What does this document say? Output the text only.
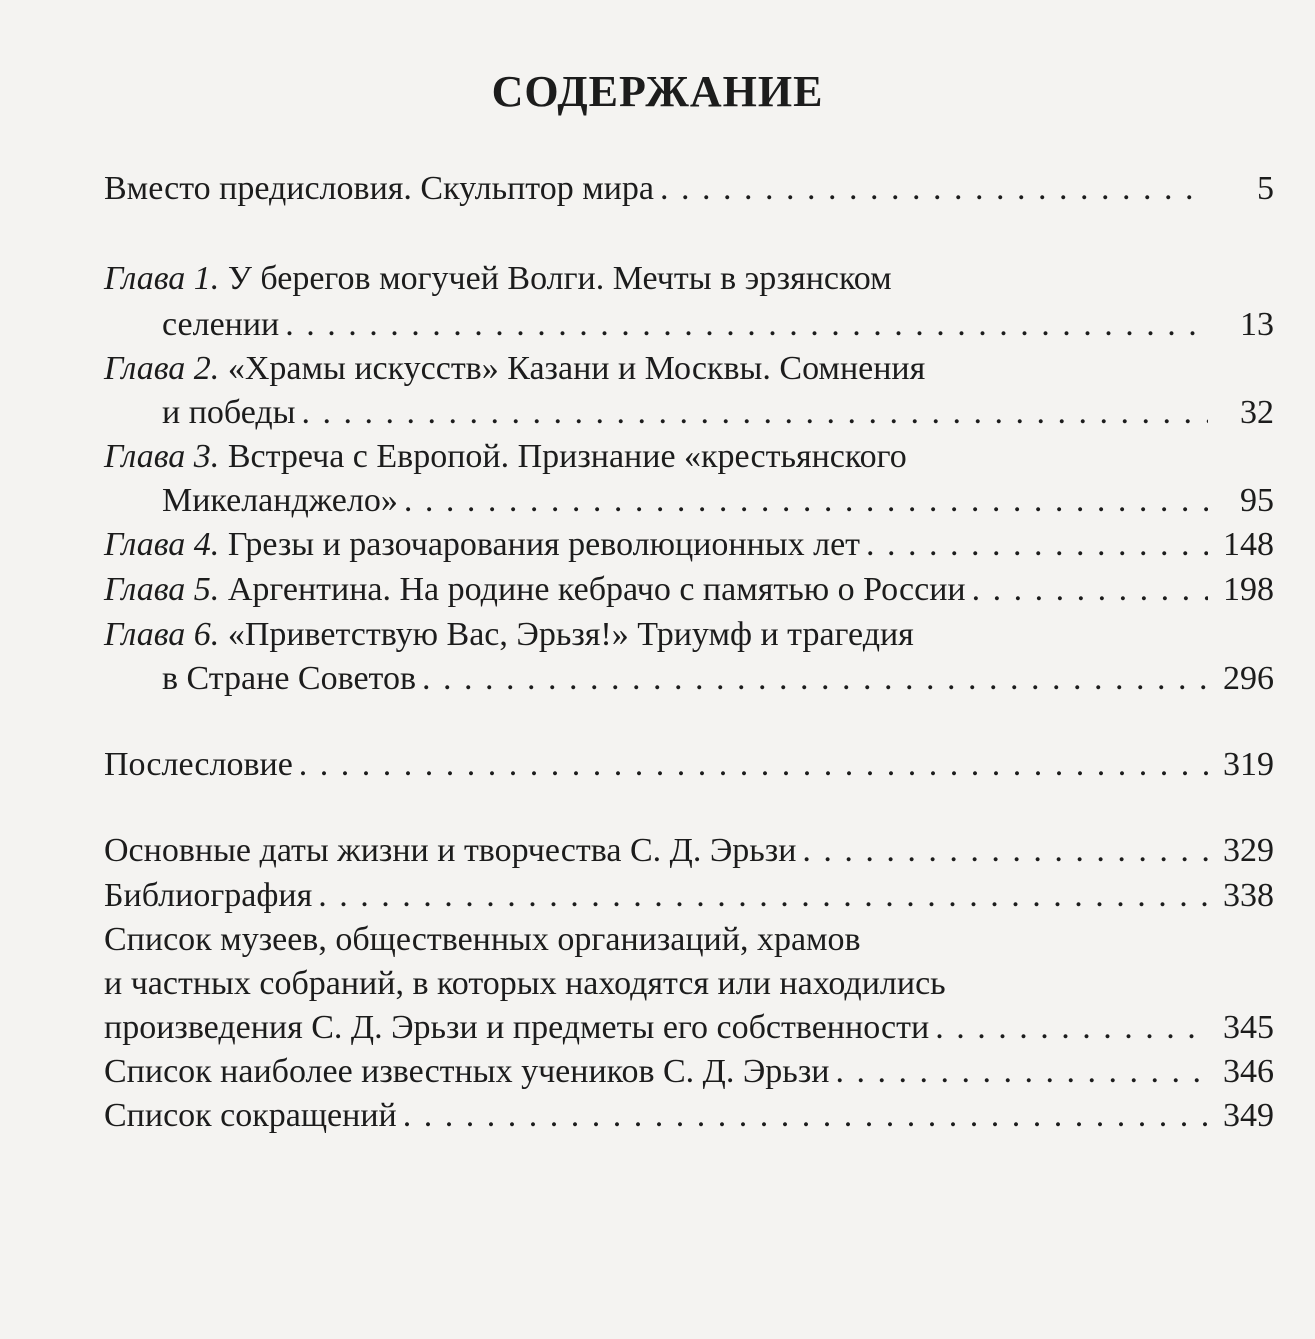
СОДЕРЖАНИЕ
Вместо предисловия. Скульптор мира . . .	5
Глава 1. У берегов могучей Волги. Мечты в эрзянском
селении . . .	13
Глава 2. «Храмы искусств» Казани и Москвы. Сомнения
и победы . . .	32
Глава 3. Встреча с Европой. Признание «крестьянского
Микеланджело» . . .	95
Глава 4. Грезы и разочарования революционных лет . . .	148
Глава 5. Аргентина. На родине кебрачо с памятью о России . . .	198
Глава 6. «Приветствую Вас, Эрьзя!» Триумф и трагедия
в Стране Советов . . .	296
Послесловие . . .	319
Основные даты жизни и творчества С. Д. Эрьзи . . .	329
Библиография . . .	338
Список музеев, общественных организаций, храмов
и частных собраний, в которых находятся или находились
произведения С. Д. Эрьзи и предметы его собственности . . .	345
Список наиболее известных учеников С. Д. Эрьзи . . .	346
Список сокращений . . .	349
